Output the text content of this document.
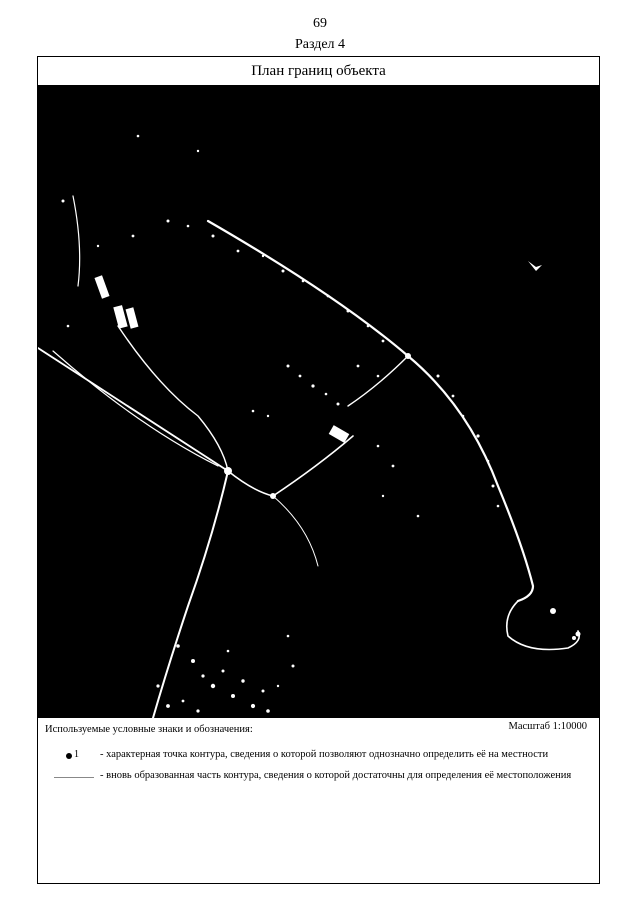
69
Раздел 4
План границ объекта
Используемые условные знаки и обозначения:	Масштаб 1:10000
1 - характерная точка контура, сведения о которой позволяют однозначно определить её на местности
- вновь образованная часть контура, сведения о которой достаточны для определения её местоположения
